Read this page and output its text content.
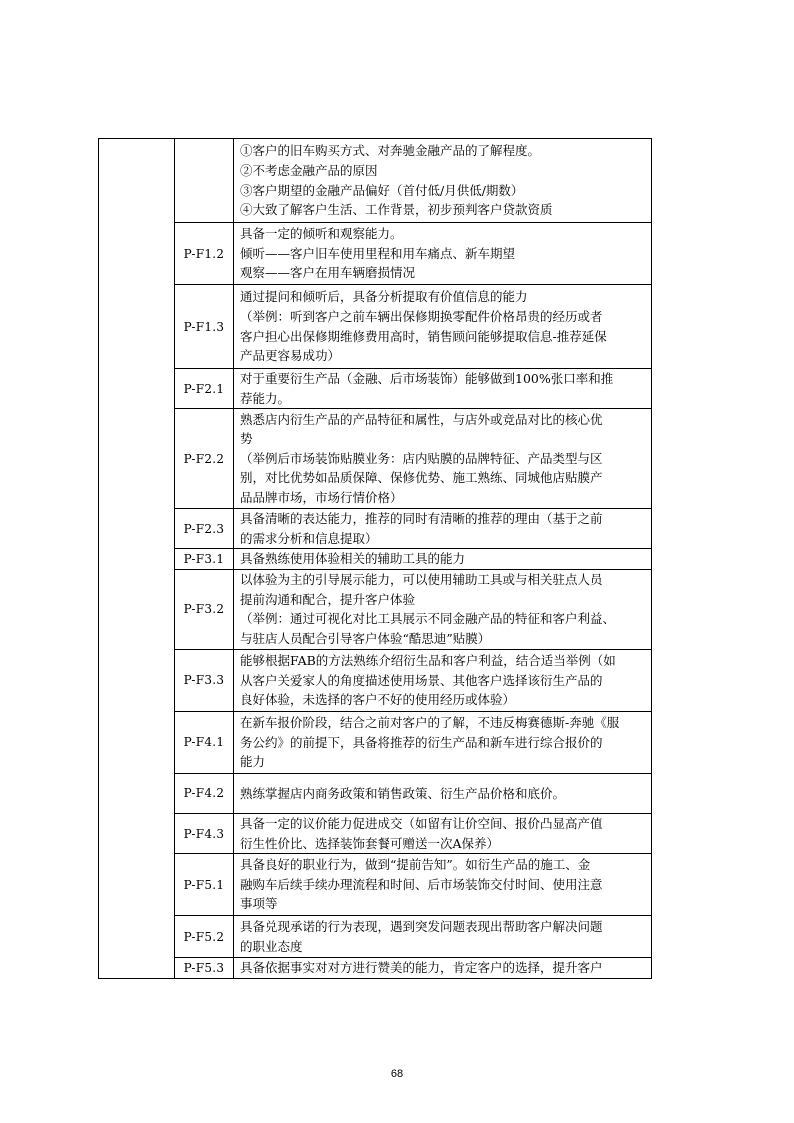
		①客户的旧车购买方式、对奔驰金融产品的了解程度。
②不考虑金融产品的原因
③客户期望的金融产品偏好（首付低/月供低/期数）
④大致了解客户生活、工作背景，初步预判客户贷款资质

	P-F1.2	具备一定的倾听和观察能力。
倾听——客户旧车使用里程和用车痛点、新车期望
观察——客户在用车辆磨损情况

	P-F1.3	通过提问和倾听后，具备分析提取有价值信息的能力
（举例：听到客户之前车辆出保修期换零配件价格昂贵的经历或者
客户担心出保修期维修费用高时，销售顾问能够提取信息-推荐延保
产品更容易成功）

	P-F2.1	对于重要衍生产品（金融、后市场装饰）能够做到100%张口率和推
荐能力。

	P-F2.2	熟悉店内衍生产品的产品特征和属性，与店外或竞品对比的核心优
势
（举例后市场装饰贴膜业务：店内贴膜的品牌特征、产品类型与区
别，对比优势如品质保障、保修优势、施工熟练、同城他店贴膜产
品品牌市场，市场行情价格）

	P-F2.3	具备清晰的表达能力，推荐的同时有清晰的推荐的理由（基于之前
的需求分析和信息提取）

	P-F3.1	具备熟练使用体验相关的辅助工具的能力

	P-F3.2	以体验为主的引导展示能力，可以使用辅助工具或与相关驻点人员
提前沟通和配合，提升客户体验
（举例：通过可视化对比工具展示不同金融产品的特征和客户利益、
与驻店人员配合引导客户体验“酷思迪”贴膜）

	P-F3.3	能够根据FAB的方法熟练介绍衍生品和客户利益，结合适当举例（如
从客户关爱家人的角度描述使用场景、其他客户选择该衍生产品的
良好体验，未选择的客户不好的使用经历或体验）

	P-F4.1	在新车报价阶段，结合之前对客户的了解，不违反梅赛德斯-奔驰《服
务公约》的前提下，具备将推荐的衍生产品和新车进行综合报价的
能力

	P-F4.2	熟练掌握店内商务政策和销售政策、衍生产品价格和底价。

	P-F4.3	具备一定的议价能力促进成交（如留有让价空间、报价凸显高产值
衍生性价比、选择装饰套餐可赠送一次A保养）

	P-F5.1	具备良好的职业行为，做到“提前告知”。如衍生产品的施工、金
融购车后续手续办理流程和时间、后市场装饰交付时间、使用注意
事项等

	P-F5.2	具备兑现承诺的行为表现，遇到突发问题表现出帮助客户解决问题
的职业态度

	P-F5.3	具备依据事实对对方进行赞美的能力，肯定客户的选择，提升客户
68
